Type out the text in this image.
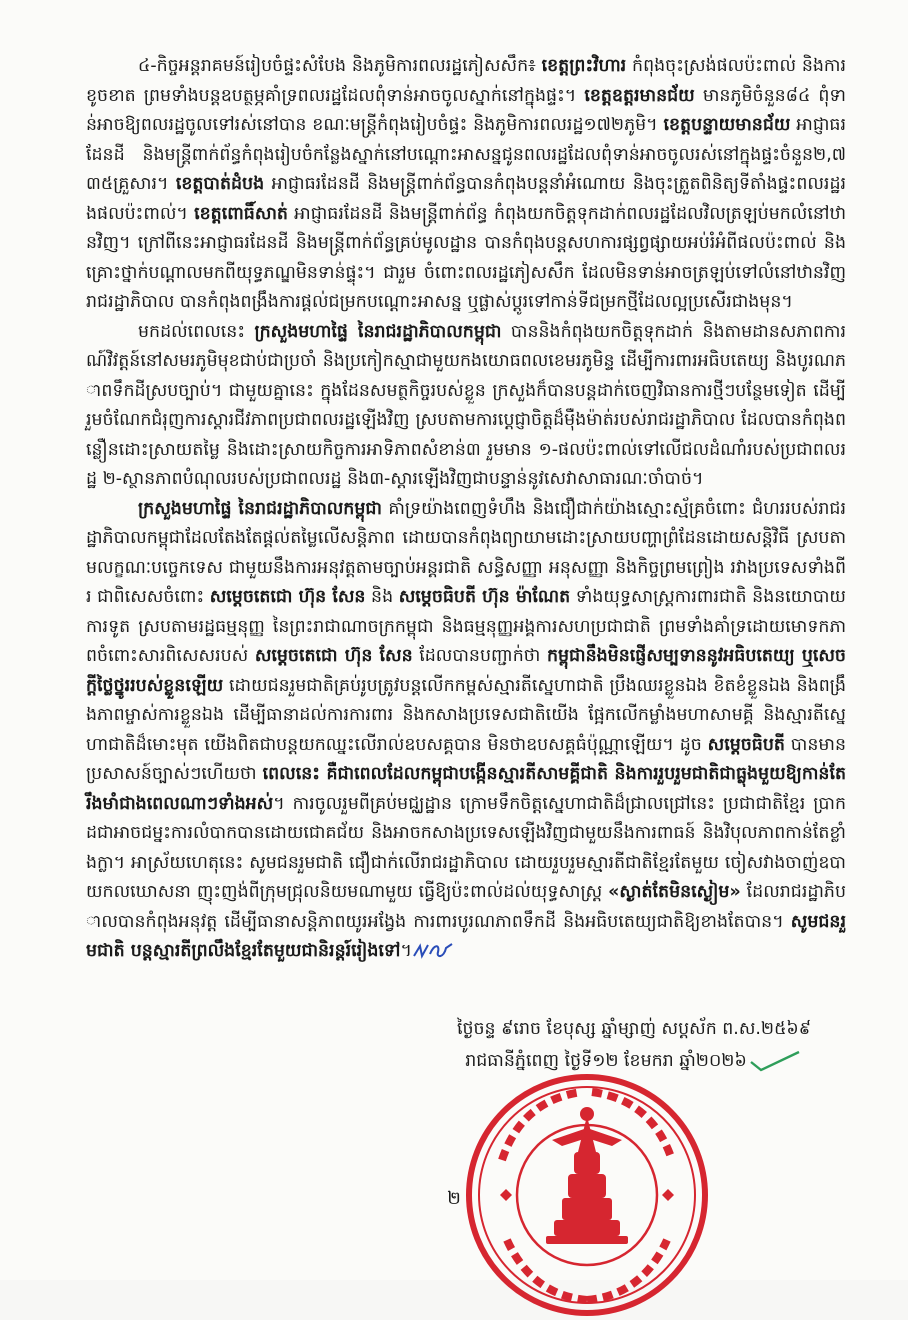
៤-កិច្ចអន្តរាគមន៍រៀបចំផ្ទះសំបែង និងភូមិការពលរដ្ឋភៀសសឹក៖ ខេត្តព្រះវិហារ កំពុងចុះស្រង់ផលប៉ះពាល់ និងការខូចខាត ព្រមទាំងបន្តឧបត្ថម្ភគាំទ្រពលរដ្ឋដែលពុំទាន់អាចចូលស្នាក់នៅក្នុងផ្ទះ។ ខេត្តឧត្តរមានជ័យ មានភូមិចំនួន៨៤ ពុំទាន់អាចឱ្យពលរដ្ឋចូលទៅរស់នៅបាន ខណៈមន្ត្រីកំពុងរៀបចំផ្ទះ និងភូមិការពលរដ្ឋ១៧២ភូមិ។ ខេត្តបន្ទាយមានជ័យ អាជ្ញាធរដែនដី និងមន្ត្រីពាក់ព័ន្ធកំពុងរៀបចំកន្លែងស្នាក់នៅបណ្ដោះអាសន្នជូនពលរដ្ឋដែលពុំទាន់អាចចូលរស់នៅក្នុងផ្ទះចំនួន២,៧៣៥គ្រួសារ។ ខេត្តបាត់ដំបង អាជ្ញាធរដែនដី និងមន្ត្រីពាក់ព័ន្ធបានកំពុងបន្តនាំអំណោយ និងចុះត្រួតពិនិត្យទីតាំងផ្ទះពលរដ្ឋរងផលប៉ះពាល់។ ខេត្តពោធិ៍សាត់ អាជ្ញាធរដែនដី និងមន្ត្រីពាក់ព័ន្ធ កំពុងយកចិត្តទុកដាក់ពលរដ្ឋដែលវិលត្រឡប់មកលំនៅឋានវិញ។ ក្រៅពីនេះអាជ្ញាធរដែនដី និងមន្ត្រីពាក់ព័ន្ធគ្រប់មូលដ្ឋាន បានកំពុងបន្តសហការផ្សព្វផ្សាយអប់រំអំពីផលប៉ះពាល់ និងគ្រោះថ្នាក់បណ្ដាលមកពីយុទ្ធភណ្ឌមិនទាន់ផ្ទុះ។ ជារួម ចំពោះពលរដ្ឋភៀសសឹក ដែលមិនទាន់អាចត្រឡប់ទៅលំនៅឋានវិញ រាជរដ្ឋាភិបាល បានកំពុងពង្រឹងការផ្ដល់ជម្រកបណ្ដោះអាសន្ន ឬផ្លាស់ប្ដូរទៅកាន់ទីជម្រកថ្មីដែលល្អប្រសើរជាងមុន។

មកដល់ពេលនេះ ក្រសួងមហាផ្ទៃ នៃរាជរដ្ឋាភិបាលកម្ពុជា បាននិងកំពុងយកចិត្តទុកដាក់ និងតាមដានសភាពការណ៍វិវត្តន៍នៅសមរភូមិមុខជាប់ជាប្រចាំ និងប្រកៀកស្មាជាមួយកងយោធពលខេមរភូមិន្ទ ដើម្បីការពារអធិបតេយ្យ និងបូរណភាពទឹកដីស្របច្បាប់។ ជាមួយគ្នានេះ ក្នុងដែនសមត្ថកិច្ចរបស់ខ្លួន ក្រសួងក៏បានបន្តដាក់ចេញវិធានការថ្មីៗបន្ថែមទៀត ដើម្បីរួមចំណែកជំរុញការស្តារជីវភាពប្រជាពលរដ្ឋឡើងវិញ ស្របតាមការប្ដេជ្ញាចិត្តដ៏មុឺងម៉ាត់របស់រាជរដ្ឋាភិបាល ដែលបានកំពុងពន្លឿនដោះស្រាយតម្លៃ និងដោះស្រាយកិច្ចការអាទិភាពសំខាន់៣ រួមមាន ១-ផលប៉ះពាល់ទៅលើជលដំណាំរបស់ប្រជាពលរដ្ឋ ២-ស្ថានភាពបំណុលរបស់ប្រជាពលរដ្ឋ និង៣-ស្តារឡើងវិញជាបន្ទាន់នូវសេវាសាធារណៈចាំបាច់។

ក្រសួងមហាផ្ទៃ នៃរាជរដ្ឋាភិបាលកម្ពុជា គាំទ្រយ៉ាងពេញទំហឹង និងជឿជាក់យ៉ាងស្មោះស្ម័គ្រចំពោះ ជំហររបស់រាជរដ្ឋាភិបាលកម្ពុជាដែលតែងតែផ្ដល់តម្លៃលើសន្តិភាព ដោយបានកំពុងព្យាយាមដោះស្រាយបញ្ហាព្រំដែនដោយសន្តិវិធី ស្របតាមលក្ខណៈបច្ចេកទេស ជាមួយនឹងការអនុវត្តតាមច្បាប់អន្តរជាតិ សន្ធិសញ្ញា អនុសញ្ញា និងកិច្ចព្រមព្រៀង រវាងប្រទេសទាំងពីរ ជាពិសេសចំពោះ សម្ដេចតេជោ ហ៊ុន សែន និង សម្ដេចធិបតី ហ៊ុន ម៉ាណែត ទាំងយុទ្ធសាស្ត្រការពារជាតិ និងនយោបាយការទូត ស្របតាមរដ្ឋធម្មនុញ្ញ នៃព្រះរាជាណាចក្រកម្ពុជា និងធម្មនុញ្ញអង្គការសហប្រជាជាតិ ព្រមទាំងគាំទ្រដោយមោទកភាពចំពោះសារពិសេសរបស់ សម្ដេចតេជោ ហ៊ុន សែន ដែលបានបញ្ជាក់ថា កម្ពុជានឹងមិនផ្ញើសម្បទាននូវអធិបតេយ្យ ឬសេចក្ដីថ្លៃថ្នូររបស់ខ្លួនឡើយ ដោយជនរួមជាតិគ្រប់រូបត្រូវបន្តលើកកម្ពស់ស្មារតីស្នេហាជាតិ ប្រឹងឈរខ្លួនឯង ខិតខំខ្លួនឯង និងពង្រឹងភាពម្ចាស់ការខ្លួនឯង ដើម្បីធានាដល់ការការពារ និងកសាងប្រទេសជាតិយើង ផ្អែកលើកម្លាំងមហាសាមគ្គី និងស្មារតីស្នេហាជាតិដ៏មោះមុត យើងពិតជាបន្តយកឈ្នះលើរាល់ឧបសគ្គបាន មិនថាឧបសគ្គធំប៉ុណ្ណាឡើយ។ ដូច សម្ដេចធិបតី បានមានប្រសាសន៍ច្បាស់ៗហើយថា ពេលនេះ គឺជាពេលដែលកម្ពុជាបង្កើនស្មារតីសាមគ្គីជាតិ និងការរួបរួមជាតិជាធ្លុងមួយឱ្យកាន់តែរឹងមាំជាងពេលណាៗទាំងអស់។ ការចូលរួមពីគ្រប់មជ្ឈដ្ឋាន ក្រោមទឹកចិត្តស្នេហាជាតិដ៏ជ្រាលជ្រៅនេះ ប្រជាជាតិខ្មែរ ប្រាកដជាអាចជម្នះការលំបាកបានដោយជោគជ័យ និងអាចកសាងប្រទេសឡើងវិញជាមួយនឹងការពាធន៍ និងវិបុលភាពកាន់តែខ្លាំងក្លា។ អាស្រ័យហេតុនេះ សូមជនរួមជាតិ ជឿជាក់លើរាជរដ្ឋាភិបាល ដោយរួបរួមស្មារតីជាតិខ្មែរតែមួយ ចៀសវាងចាញ់ឧបាយកលឃោសនា ញុះញង់ពីក្រុមជ្រុលនិយមណាមួយ ធ្វើឱ្យប៉ះពាល់ដល់យុទ្ធសាស្ត្រ «ស្ងាត់តែមិនស្ងៀម» ដែលរាជរដ្ឋាភិបាលបានកំពុងអនុវត្ត ដើម្បីធានាសន្តិភាពយូរអង្វែង ការពារបូរណភាពទឹកដី និងអធិបតេយ្យជាតិឱ្យខាងតែបាន។ សូមជនរួមជាតិ បន្តស្មារតីព្រលឹងខ្មែរតែមួយជានិរន្តរ៍រៀងទៅ។

ថ្ងៃចន្ទ ៩រោច ខែបុស្ស ឆ្នាំម្សាញ់ សប្តស័ក ព.ស.២៥៦៩
រាជធានីភ្នំពេញ ថ្ងៃទី១២ ខែមករា ឆ្នាំ២០២៦
២
